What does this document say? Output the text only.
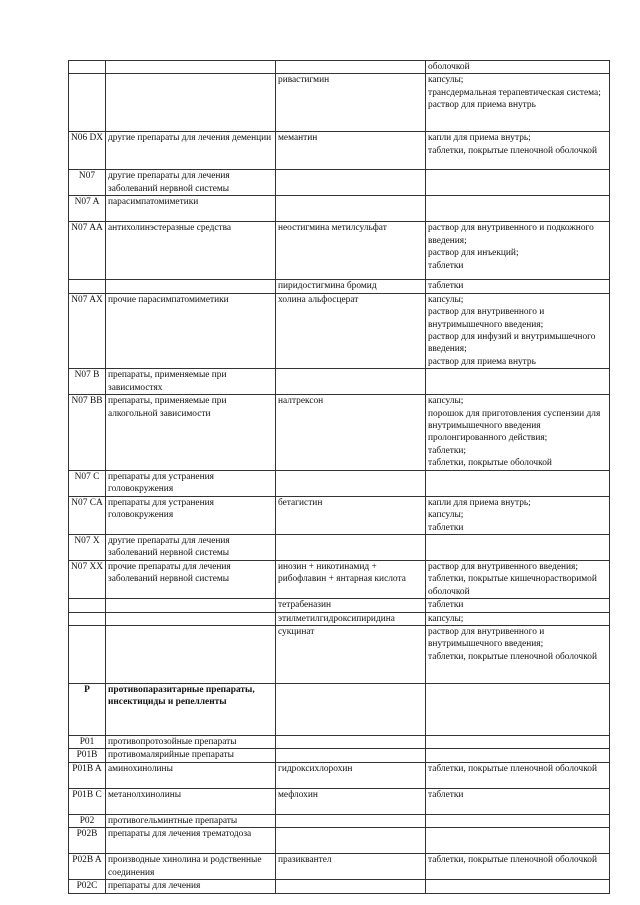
			оболочкой
		ривастигмин	капсулы;
трансдермальная терапевтическая система;
раствор для приема внутрь
N06 DX	другие препараты для лечения деменции	мемантин	капли для приема внутрь;
таблетки, покрытые пленочной оболочкой
N07	другие препараты для лечения заболеваний нервной системы		
N07 A	парасимпатомиметики		
N07 AA	антихолинэстеразные средства	неостигмина метилсульфат	раствор для внутривенного и подкожного введения;
раствор для инъекций;
таблетки
		пиридостигмина бромид	таблетки
N07 AX	прочие парасимпатомиметики	холина альфосцерат	капсулы;
раствор для внутривенного и внутримышечного введения;
раствор для инфузий и внутримышечного введения;
раствор для приема внутрь
N07 B	препараты, применяемые при зависимостях		
N07 BB	препараты, применяемые при алкогольной зависимости	налтрексон	капсулы;
порошок для приготовления суспензии для внутримышечного введения пролонгированного действия;
таблетки;
таблетки, покрытые оболочкой
N07 C	препараты для устранения головокружения		
N07 CA	препараты для устранения головокружения	бетагистин	капли для приема внутрь;
капсулы;
таблетки
N07 X	другие препараты для лечения заболеваний нервной системы		
N07 XX	прочие препараты для лечения заболеваний нервной системы	инозин + никотинамид + рибофлавин + янтарная кислота	раствор для внутривенного введения;
таблетки, покрытые кишечнорастворимой оболочкой
		тетрабеназин	таблетки
		этилметилгидроксипиридина	капсулы;
		сукцинат	раствор для внутривенного и внутримышечного введения;
таблетки, покрытые пленочной оболочкой
P	противопаразитарные препараты, инсектициды и репелленты		
P01	противопротозойные препараты		
P01B	противомалярийные препараты		
P01B A	аминохинолины	гидроксихлорохин	таблетки, покрытые пленочной оболочкой
P01B C	метанолхинолины	мефлохин	таблетки
P02	противогельминтные препараты		
P02B	препараты для лечения трематодоза		
P02B A	производные хинолина и родственные соединения	празиквантел	таблетки, покрытые пленочной оболочкой
P02C	препараты для лечения		
